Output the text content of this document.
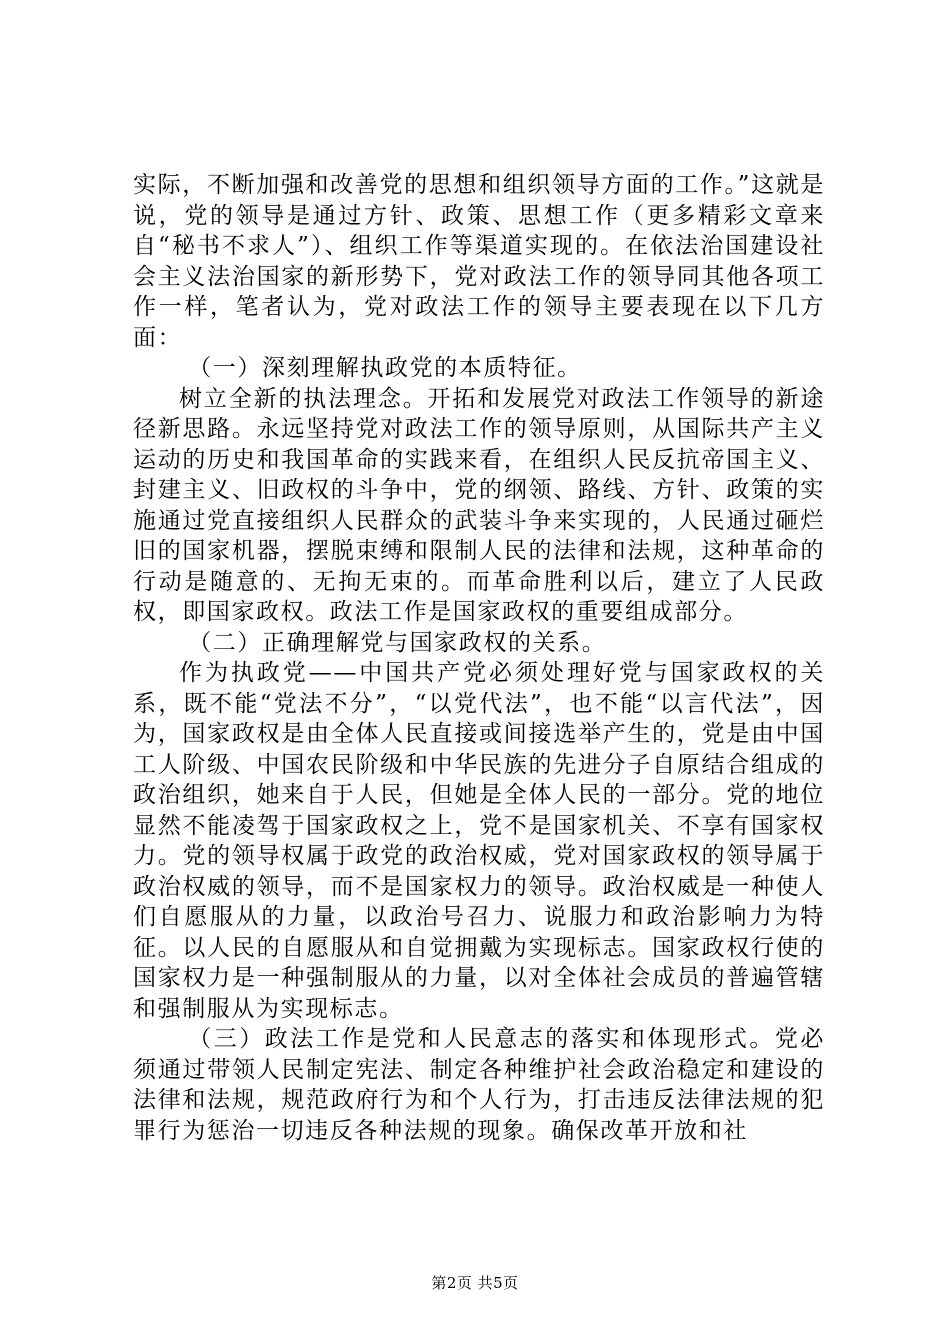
实际，不断加强和改善党的思想和组织领导方面的工作。”这就是说，党的领导是通过方针、政策、思想工作（更多精彩文章来自“秘书不求人”）、组织工作等渠道实现的。在依法治国建设社会主义法治国家的新形势下，党对政法工作的领导同其他各项工作一样，笔者认为，党对政法工作的领导主要表现在以下几方面：

（一）深刻理解执政党的本质特征。

树立全新的执法理念。开拓和发展党对政法工作领导的新途径新思路。永远坚持党对政法工作的领导原则，从国际共产主义运动的历史和我国革命的实践来看，在组织人民反抗帝国主义、封建主义、旧政权的斗争中，党的纲领、路线、方针、政策的实施通过党直接组织人民群众的武装斗争来实现的，人民通过砸烂旧的国家机器，摆脱束缚和限制人民的法律和法规，这种革命的行动是随意的、无拘无束的。而革命胜利以后，建立了人民政权，即国家政权。政法工作是国家政权的重要组成部分。

（二）正确理解党与国家政权的关系。

作为执政党——中国共产党必须处理好党与国家政权的关系，既不能“党法不分”，“以党代法”，也不能“以言代法”，因为，国家政权是由全体人民直接或间接选举产生的，党是由中国工人阶级、中国农民阶级和中华民族的先进分子自原结合组成的政治组织，她来自于人民，但她是全体人民的一部分。党的地位显然不能凌驾于国家政权之上，党不是国家机关、不享有国家权力。党的领导权属于政党的政治权威，党对国家政权的领导属于政治权威的领导，而不是国家权力的领导。政治权威是一种使人们自愿服从的力量，以政治号召力、说服力和政治影响力为特征。以人民的自愿服从和自觉拥戴为实现标志。国家政权行使的国家权力是一种强制服从的力量，以对全体社会成员的普遍管辖和强制服从为实现标志。

（三）政法工作是党和人民意志的落实和体现形式。党必须通过带领人民制定宪法、制定各种维护社会政治稳定和建设的法律和法规，规范政府行为和个人行为，打击违反法律法规的犯罪行为惩治一切违反各种法规的现象。确保改革开放和社

第2页 共5页
